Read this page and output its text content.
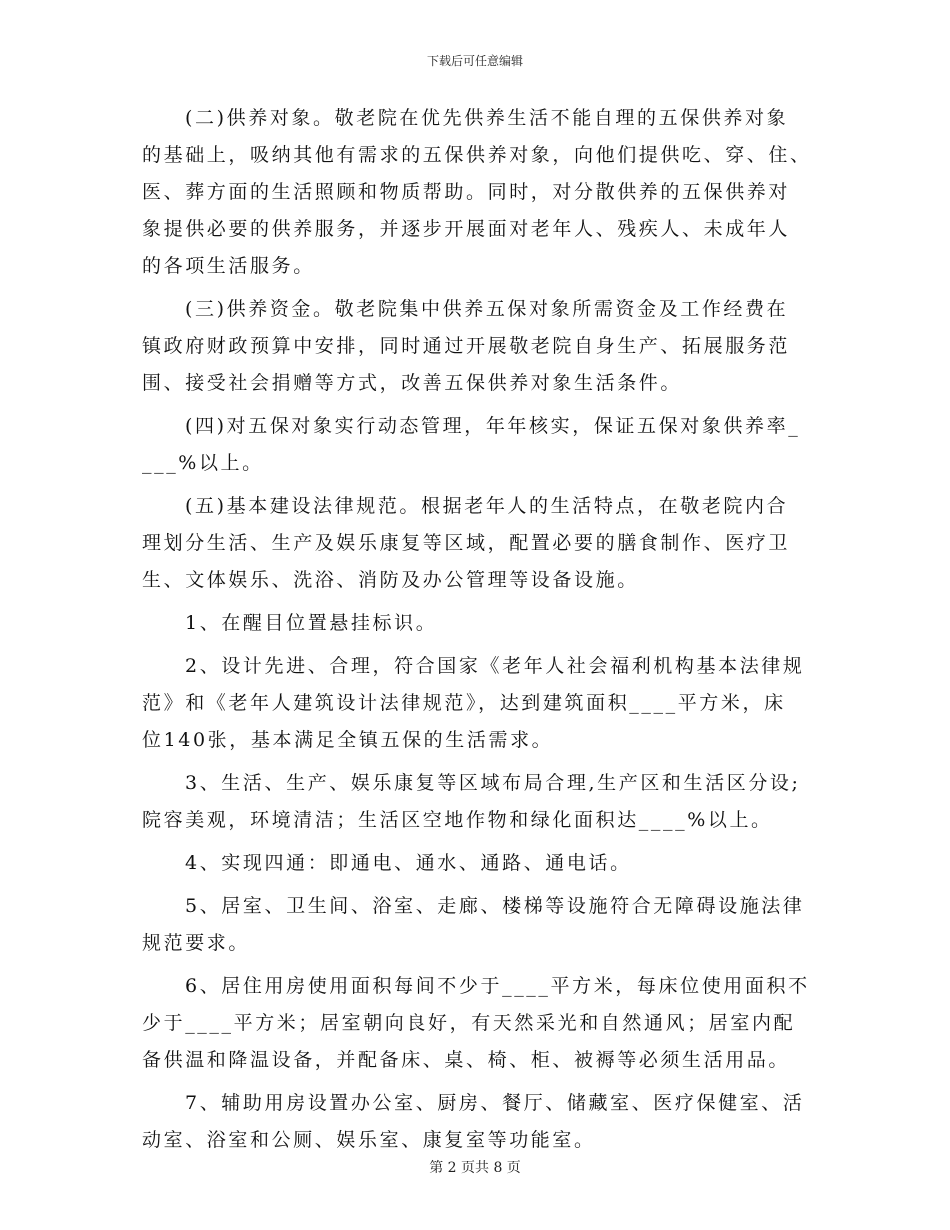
下载后可任意编辑
(二)供养对象。敬老院在优先供养生活不能自理的五保供养对象
的基础上，吸纳其他有需求的五保供养对象，向他们提供吃、穿、住、
医、葬方面的生活照顾和物质帮助。同时，对分散供养的五保供养对
象提供必要的供养服务，并逐步开展面对老年人、残疾人、未成年人
的各项生活服务。
(三)供养资金。敬老院集中供养五保对象所需资金及工作经费在
镇政府财政预算中安排，同时通过开展敬老院自身生产、拓展服务范
围、接受社会捐赠等方式，改善五保供养对象生活条件。
(四)对五保对象实行动态管理，年年核实，保证五保对象供养率_
___%以上。
(五)基本建设法律规范。根据老年人的生活特点，在敬老院内合
理划分生活、生产及娱乐康复等区域，配置必要的膳食制作、医疗卫
生、文体娱乐、洗浴、消防及办公管理等设备设施。
1、在醒目位置悬挂标识。
2、设计先进、合理，符合国家《老年人社会福利机构基本法律规
范》和《老年人建筑设计法律规范》，达到建筑面积____平方米，床
位140张，基本满足全镇五保的生活需求。
3、生活、生产、娱乐康复等区域布局合理,生产区和生活区分设;
院容美观，环境清洁；生活区空地作物和绿化面积达____%以上。
4、实现四通：即通电、通水、通路、通电话。
5、居室、卫生间、浴室、走廊、楼梯等设施符合无障碍设施法律
规范要求。
6、居住用房使用面积每间不少于____平方米，每床位使用面积不
少于____平方米；居室朝向良好，有天然采光和自然通风；居室内配
备供温和降温设备，并配备床、桌、椅、柜、被褥等必须生活用品。
7、辅助用房设置办公室、厨房、餐厅、储藏室、医疗保健室、活
动室、浴室和公厕、娱乐室、康复室等功能室。
第 2 页共 8 页
